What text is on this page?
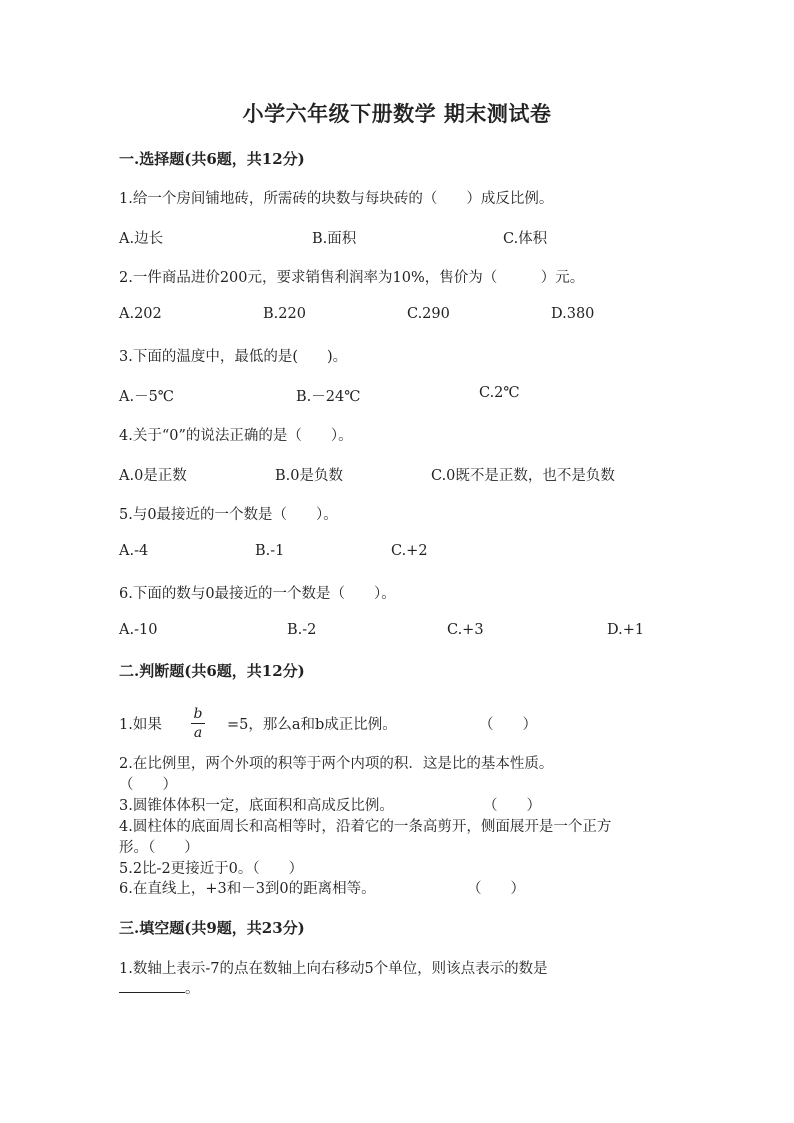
小学六年级下册数学 期末测试卷
一.选择题(共6题，共12分)
1.给一个房间铺地砖，所需砖的块数与每块砖的（　　）成反比例。
A.边长	B.面积	C.体积
2.一件商品进价200元，要求销售利润率为10%，售价为（　　　）元。
A.202	B.220	C.290	D.380
3.下面的温度中，最低的是(　　)。
A.－5℃	B.－24℃	C.2℃
4.关于“0”的说法正确的是（　　）。
A.0是正数	B.0是负数	C.0既不是正数，也不是负数
5.与0最接近的一个数是（　　）。
A.-4	B.-1	C.+2
6.下面的数与0最接近的一个数是（　　）。
A.-10	B.-2	C.+3	D.+1
二.判断题(共6题，共12分)
1.如果
b
a =5，那么a和b成正比例。	（　　）
2.在比例里，两个外项的积等于两个内项的积．这是比的基本性质。
（　　）
3.圆锥体体积一定，底面积和高成反比例。	（　　）
4.圆柱体的底面周长和高相等时，沿着它的一条高剪开，侧面展开是一个正方
形。（　　）
5.2比-2更接近于0。（　　）
6.在直线上，+3和－3到0的距离相等。	（　　）
三.填空题(共9题，共23分)
1.数轴上表示-7的点在数轴上向右移动5个单位，则该点表示的数是
。
